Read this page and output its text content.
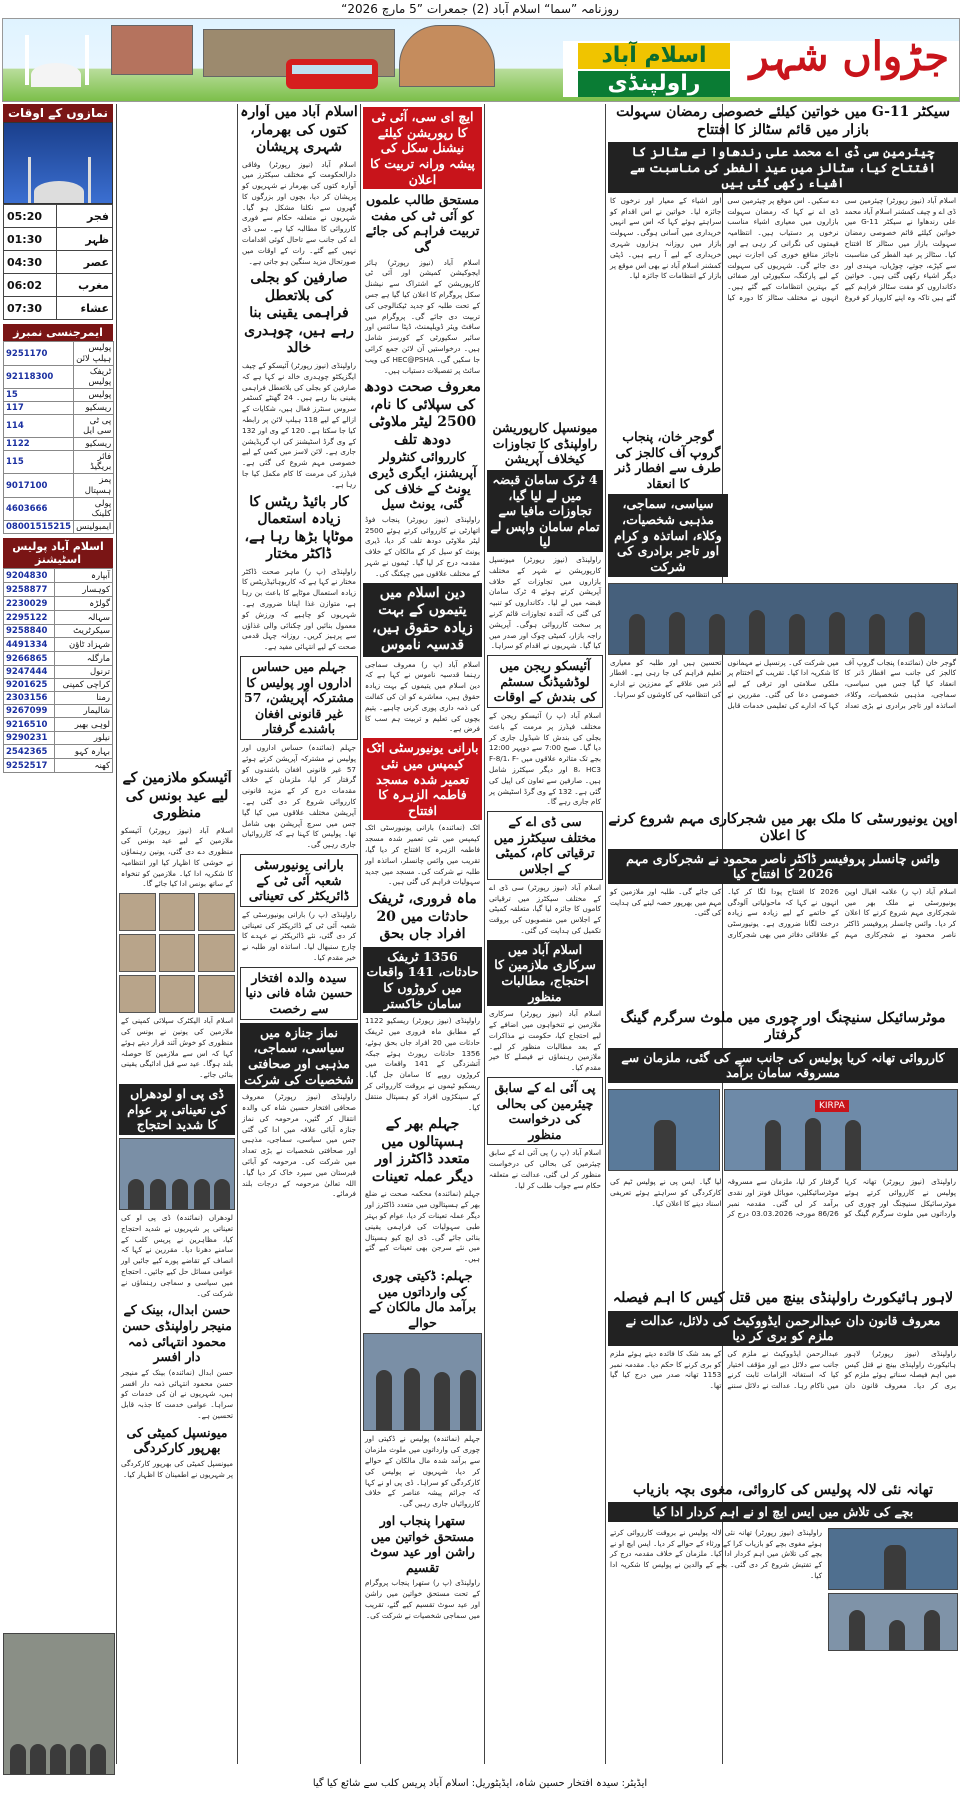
روزنامہ ”سما“ اسلام آباد (2) جمعرات ”5 مارچ 2026“
اسلام آباد
راولپنڈی
جڑواں شہر
نمازوں کے اوقات
05:20	فجر
01:30	ظہر
04:30	عصر
06:02	مغرب
07:30	عشاء
ایمرجنسی نمبرز
9251170	پولیس ہیلپ لائن
92118300	ٹریفک پولیس
15	پولیس
117	ریسکیو
114	پی ٹی سی ایل
1122	ریسکیو
115	فائر بریگیڈ
9017100	پمز ہسپتال
4603666	پولی کلینک
08001515215	ایمبولینس
اسلام آباد پولیس اسٹیشنز
9204830	آبپارہ
9258877	کوہسار
2230029	گولڑہ
2295122	سہالہ
9258840	سیکرٹریٹ
4491334	شہزاد ٹاؤن
9266865	مارگلہ
9247444	ترنول
9201625	کراچی کمپنی
2303156	رمنا
9267099	شالیمار
9216510	لوہی بھیر
9290231	نیلور
2542365	بہارہ کہو
9252517	کھنہ
آئیسکو ملازمین کے لیے عید بونس کی منظوری
اسلام آباد (نیوز رپورٹر) آئیسکو ملازمین کے لیے عید بونس کی منظوری دے دی گئی، یونین رہنماؤں نے خوشی کا اظہار کیا اور انتظامیہ کا شکریہ ادا کیا۔ ملازمین کو تنخواہ کے ساتھ بونس ادا کیا جائے گا۔
اسلام آباد الیکٹرک سپلائی کمپنی کے ملازمین کی یونین نے بونس کی منظوری کو خوش آئند قرار دیتے ہوئے کہا کہ اس سے ملازمین کا حوصلہ بلند ہوگا۔ عید سے قبل ادائیگی یقینی بنائی جائے۔
ڈی پی او لودھراں کی تعیناتی پر عوام کا شدید احتجاج
لودھراں (نمائندہ) ڈی پی او کی تعیناتی پر شہریوں نے شدید احتجاج کیا، مظاہرین نے پریس کلب کے سامنے دھرنا دیا۔ مقررین نے کہا کہ انصاف کے تقاضے پورے کیے جائیں اور عوامی مسائل حل کیے جائیں۔ احتجاج میں سیاسی و سماجی رہنماؤں نے شرکت کی۔
حسن ابدال، بینک کے منیجر راولپنڈی حسن محمود انتہائی ذمہ دار افسر
حسن ابدال (نمائندہ) بینک کے منیجر حسن محمود انتہائی ذمہ دار افسر ہیں، شہریوں نے ان کی خدمات کو سراہا۔ عوامی خدمت کا جذبہ قابل تحسین ہے۔
میونسپل کمیٹی کی بھرپور کارکردگی
میونسپل کمیٹی کی بھرپور کارکردگی پر شہریوں نے اطمینان کا اظہار کیا۔
اسلام آباد میں آوارہ کتوں کی بھرمار، شہری پریشان
اسلام آباد (نیوز رپورٹر) وفاقی دارالحکومت کے مختلف سیکٹرز میں آوارہ کتوں کی بھرمار نے شہریوں کو پریشان کر دیا، بچوں اور بزرگوں کا گھروں سے نکلنا مشکل ہو گیا۔ شہریوں نے متعلقہ حکام سے فوری کارروائی کا مطالبہ کیا ہے۔ سی ڈی اے کی جانب سے تاحال کوئی اقدامات نہیں کیے گئے۔ رات کے اوقات میں صورتحال مزید سنگین ہو جاتی ہے۔
صارفین کو بجلی کی بلاتعطل فراہمی یقینی بنا رہے ہیں، چوہدری خالد
راولپنڈی (نیوز رپورٹر) آئیسکو کے چیف ایگزیکٹو چوہدری خالد نے کہا ہے کہ صارفین کو بجلی کی بلاتعطل فراہمی یقینی بنا رہے ہیں۔ 24 گھنٹے کسٹمر سروس سنٹرز فعال ہیں، شکایات کے ازالے کے لیے 118 ہیلپ لائن پر رابطہ کیا جا سکتا ہے۔ 120 کے وی اور 132 کے وی گرڈ اسٹیشنز کی اپ گریڈیشن جاری ہے۔ لائن لاسز میں کمی کے لیے خصوصی مہم شروع کی گئی ہے۔ فیڈرز کی مرمت کا کام مکمل کیا جا رہا ہے۔
کار بائیڈ ریٹس کا زیادہ استعمال موٹاپا بڑھا رہا ہے، ڈاکٹر مختار
راولپنڈی (پ ر) ماہر صحت ڈاکٹر مختار نے کہا ہے کہ کاربوہائیڈریٹس کا زیادہ استعمال موٹاپے کا باعث بن رہا ہے، متوازن غذا اپنانا ضروری ہے۔ شہریوں کو چاہیے کہ ورزش کو معمول بنائیں اور چکنائی والی غذاؤں سے پرہیز کریں۔ روزانہ چہل قدمی صحت کے لیے انتہائی مفید ہے۔
جہلم میں حساس اداروں اور پولیس کا مشترکہ آپریشن، 57 غیر قانونی افغان باشندے گرفتار
جہلم (نمائندہ) حساس اداروں اور پولیس نے مشترکہ آپریشن کرتے ہوئے 57 غیر قانونی افغان باشندوں کو گرفتار کر لیا، ملزمان کے خلاف مقدمات درج کر کے مزید قانونی کارروائی شروع کر دی گئی ہے۔ آپریشن مختلف علاقوں میں کیا گیا جس میں سرچ آپریشن بھی شامل تھا۔ پولیس کا کہنا ہے کہ کارروائیاں جاری رہیں گی۔
بارانی یونیورسٹی شعبہ آئی ٹی کے ڈائریکٹر کی تعیناتی
راولپنڈی (پ ر) بارانی یونیورسٹی کے شعبہ آئی ٹی کے ڈائریکٹر کی تعیناتی کر دی گئی، نئے ڈائریکٹر نے عہدے کا چارج سنبھال لیا۔ اساتذہ اور طلبہ نے خیر مقدم کیا۔
سیدہ والدہ افتخار حسین شاہ فانی دنیا سے رخصت
نماز جنازہ میں سیاسی، سماجی، مذہبی اور صحافتی شخصیات کی شرکت
راولپنڈی (نیوز رپورٹر) معروف صحافی افتخار حسین شاہ کی والدہ انتقال کر گئیں، مرحومہ کی نماز جنازہ آبائی علاقہ میں ادا کی گئی جس میں سیاسی، سماجی، مذہبی اور صحافتی شخصیات نے بڑی تعداد میں شرکت کی۔ مرحومہ کو آبائی قبرستان میں سپرد خاک کر دیا گیا۔ اللہ تعالیٰ مرحومہ کے درجات بلند فرمائے۔
ایچ ای سی، آئی ٹی کا رپوریشن کیلئے نیشنل سکل کی پیشہ ورانہ تربیت کا اعلان
مستحق طالب علموں کو آئی ٹی کی مفت تربیت فراہم کی جائے گی
اسلام آباد (نیوز رپورٹر) ہائر ایجوکیشن کمیشن اور آئی ٹی کارپوریشن کے اشتراک سے نیشنل سکل پروگرام کا اعلان کیا گیا ہے جس کے تحت طلبہ کو جدید ٹیکنالوجی کی تربیت دی جائے گی۔ پروگرام میں سافٹ ویئر ڈویلپمنٹ، ڈیٹا سائنس اور سائبر سکیورٹی کے کورسز شامل ہیں۔ درخواستیں آن لائن جمع کرائی جا سکیں گی۔ HEC@PSHA کی ویب سائٹ پر تفصیلات دستیاب ہیں۔
معروف صحت دودھ کی سپلائی کا نام، 2500 لیٹر ملاوٹی دودھ تلف
کارروائی کنٹرولر آپریشنز، ایگری ڈیری یونٹ کے خلاف کی گئی، یونٹ سیل
راولپنڈی (نیوز رپورٹر) پنجاب فوڈ اتھارٹی نے کارروائی کرتے ہوئے 2500 لیٹر ملاوٹی دودھ تلف کر دیا، ڈیری یونٹ کو سیل کر کے مالکان کے خلاف مقدمہ درج کر لیا گیا۔ ٹیموں نے شہر کے مختلف علاقوں میں چیکنگ کی۔
دین اسلام میں یتیموں کے بہت زیادہ حقوق ہیں، قدسیہ ناموس
اسلام آباد (پ ر) معروف سماجی رہنما قدسیہ ناموس نے کہا ہے کہ دین اسلام میں یتیموں کے بہت زیادہ حقوق ہیں، معاشرے کو ان کی کفالت کی ذمہ داری پوری کرنی چاہیے۔ یتیم بچوں کی تعلیم و تربیت ہم سب کا فرض ہے۔
بارانی یونیورسٹی اٹک کیمپس میں نئی تعمیر شدہ مسجد فاطمہ الزہرہ کا افتتاح
اٹک (نمائندہ) بارانی یونیورسٹی اٹک کیمپس میں نئی تعمیر شدہ مسجد فاطمہ الزہرہ کا افتتاح کر دیا گیا، تقریب میں وائس چانسلر، اساتذہ اور طلبہ نے شرکت کی۔ مسجد میں جدید سہولیات فراہم کی گئی ہیں۔
ماہ فروری، ٹریفک حادثات میں 20 افراد جاں بحق
1356 ٹریفک حادثات، 141 واقعات میں کروڑوں کا سامان خاکستر
راولپنڈی (نیوز رپورٹر) ریسکیو 1122 کے مطابق ماہ فروری میں ٹریفک حادثات میں 20 افراد جاں بحق ہوئے، 1356 حادثات رپورٹ ہوئے جبکہ آتشزدگی کے 141 واقعات میں کروڑوں روپے کا سامان جل گیا۔ ریسکیو ٹیموں نے بروقت کارروائی کر کے سینکڑوں افراد کو ہسپتال منتقل کیا۔
جہلم بھر کے ہسپتالوں میں متعدد ڈاکٹرز اور دیگر عملہ تعینات
جہلم (نمائندہ) محکمہ صحت نے ضلع بھر کے ہسپتالوں میں متعدد ڈاکٹرز اور دیگر عملہ تعینات کر دیا، عوام کو بہتر طبی سہولیات کی فراہمی یقینی بنائی جائے گی۔ ڈی ایچ کیو ہسپتال میں نئے سرجن بھی تعینات کیے گئے ہیں۔
جہلم: ڈکیتی چوری کی وارداتوں میں برآمد مال مالکان کے حوالے
جہلم (نمائندہ) پولیس نے ڈکیتی اور چوری کی وارداتوں میں ملوث ملزمان سے برآمد شدہ مال مالکان کے حوالے کر دیا، شہریوں نے پولیس کی کارکردگی کو سراہا۔ ڈی پی او نے کہا کہ جرائم پیشہ عناصر کے خلاف کارروائیاں جاری رہیں گی۔
ستھرا پنجاب اور مستحق خواتین میں راشن اور عید سوٹ تقسیم
راولپنڈی (پ ر) ستھرا پنجاب پروگرام کے تحت مستحق خواتین میں راشن اور عید سوٹ تقسیم کیے گئے، تقریب میں سماجی شخصیات نے شرکت کی۔
میونسپل کارپوریشن راولپنڈی کا تجاوزات کیخلاف آپریشن
4 ٹرک سامان قبضہ میں لے لیا گیا، تجاوزات مافیا سے تمام سامان واپس لے لیا
راولپنڈی (نیوز رپورٹر) میونسپل کارپوریشن نے شہر کے مختلف بازاروں میں تجاوزات کے خلاف آپریشن کرتے ہوئے 4 ٹرک سامان قبضہ میں لے لیا۔ دکانداروں کو تنبیہ کی گئی کہ آئندہ تجاوزات قائم کرنے پر سخت کارروائی ہوگی۔ آپریشن راجہ بازار، کمیٹی چوک اور صدر میں کیا گیا۔ شہریوں نے اقدام کو سراہا۔
آئیسکو ریجن میں لوڈشیڈنگ سسٹم کی بندش کے اوقات
اسلام آباد (پ ر) آئیسکو ریجن کے مختلف فیڈرز پر مرمت کے باعث بجلی کی بندش کا شیڈول جاری کر دیا گیا۔ صبح 7:00 سے دوپہر 12:00 بجے تک متاثرہ علاقوں میں F-8/1، F-8، HC3 اور دیگر سیکٹرز شامل ہیں۔ صارفین سے تعاون کی اپیل کی گئی ہے۔ 132 کے وی گرڈ اسٹیشن پر کام جاری رہے گا۔
سی ڈی اے کے مختلف سیکٹرز میں ترقیاتی کام، کمیٹی کے اجلاس
اسلام آباد (نیوز رپورٹر) سی ڈی اے کے مختلف سیکٹرز میں ترقیاتی کاموں کا جائزہ لیا گیا، متعلقہ کمیٹی کے اجلاس میں منصوبوں کی بروقت تکمیل کی ہدایت کی گئی۔
اسلام آباد میں سرکاری ملازمین کا احتجاج، مطالبات منظور
اسلام آباد (نیوز رپورٹر) سرکاری ملازمین نے تنخواہوں میں اضافے کے لیے احتجاج کیا، حکومت نے مذاکرات کے بعد مطالبات منظور کر لیے۔ ملازمین رہنماؤں نے فیصلے کا خیر مقدم کیا۔
پی آئی اے کے سابق چیئرمین کی بحالی کی درخواست منظور
اسلام آباد (پ ر) پی آئی اے کے سابق چیئرمین کی بحالی کی درخواست منظور کر لی گئی، عدالت نے متعلقہ حکام سے جواب طلب کر لیا۔
سیکٹر G-11 میں خواتین کیلئے خصوصی رمضان سہولت بازار میں قائم سٹالز کا افتتاح
چیئرمین سی ڈی اے محمد علی رندھاوا نے سٹالز کا افتتاح کیا، سٹالز میں عید الفطر کی مناسبت سے اشیاء رکھی گئی ہیں
اسلام آباد (نیوز رپورٹر) چیئرمین سی ڈی اے و چیف کمشنر اسلام آباد محمد علی رندھاوا نے سیکٹر G-11 میں خواتین کیلئے قائم خصوصی رمضان سہولت بازار میں سٹالز کا افتتاح کیا۔ سٹالز پر عید الفطر کی مناسبت سے کپڑے، جوتے، چوڑیاں، مہندی اور دیگر اشیاء رکھی گئی ہیں۔ خواتین دکانداروں کو مفت سٹالز فراہم کیے گئے ہیں تاکہ وہ اپنے کاروبار کو فروغ دے سکیں۔ اس موقع پر چیئرمین سی ڈی اے نے کہا کہ رمضان سہولت بازاروں میں معیاری اشیاء مناسب نرخوں پر دستیاب ہیں۔ انتظامیہ قیمتوں کی نگرانی کر رہی ہے اور ناجائز منافع خوری کی اجازت نہیں دی جائے گی۔ شہریوں کی سہولت کے لیے پارکنگ، سکیورٹی اور صفائی کے بہترین انتظامات کیے گئے ہیں۔ انہوں نے مختلف سٹالز کا دورہ کیا اور اشیاء کے معیار اور نرخوں کا جائزہ لیا۔ خواتین نے اس اقدام کو سراہتے ہوئے کہا کہ اس سے انہیں خریداری میں آسانی ہوگی۔ سہولت بازار میں روزانہ ہزاروں شہری خریداری کے لیے آ رہے ہیں۔ ڈپٹی کمشنر اسلام آباد نے بھی اس موقع پر بازار کے انتظامات کا جائزہ لیا۔
گوجر خان، پنجاب گروپ آف کالجز کی طرف سے افطار ڈنر کا انعقاد
سیاسی، سماجی، مذہبی شخصیات، وکلاء، اساتذہ و کرام اور تاجر برادری کی شرکت
گوجر خان (نمائندہ) پنجاب گروپ آف کالجز کی جانب سے افطار ڈنر کا انعقاد کیا گیا جس میں سیاسی، سماجی، مذہبی شخصیات، وکلاء، اساتذہ اور تاجر برادری نے بڑی تعداد میں شرکت کی۔ پرنسپل نے مہمانوں کا شکریہ ادا کیا۔ تقریب کے اختتام پر ملکی سلامتی اور ترقی کے لیے خصوصی دعا کی گئی۔ مقررین نے کہا کہ ادارے کی تعلیمی خدمات قابل تحسین ہیں اور طلبہ کو معیاری تعلیم فراہم کی جا رہی ہے۔ افطار ڈنر میں علاقے کے معززین نے ادارے کی انتظامیہ کی کاوشوں کو سراہا۔
اوپن یونیورسٹی کا ملک بھر میں شجرکاری مہم شروع کرنے کا اعلان
وائس چانسلر پروفیسر ڈاکٹر ناصر محمود نے شجرکاری مہم 2026 کا افتتاح کیا
اسلام آباد (پ ر) علامہ اقبال اوپن یونیورسٹی نے ملک بھر میں شجرکاری مہم شروع کرنے کا اعلان کر دیا۔ وائس چانسلر پروفیسر ڈاکٹر ناصر محمود نے شجرکاری مہم 2026 کا افتتاح پودا لگا کر کیا۔ انہوں نے کہا کہ ماحولیاتی آلودگی کے خاتمے کے لیے زیادہ سے زیادہ درخت لگانا ضروری ہے۔ یونیورسٹی کے علاقائی دفاتر میں بھی شجرکاری کی جائے گی۔ طلبہ اور ملازمین کو مہم میں بھرپور حصہ لینے کی ہدایت کی گئی۔
موٹرسائیکل سنیچنگ اور چوری میں ملوث سرگرم گینگ گرفتار
کارروائی تھانہ کریا پولیس کی جانب سے کی گئی، ملزمان سے مسروقہ سامان برآمد
KIRPA
راولپنڈی (نیوز رپورٹر) تھانہ کریا پولیس نے کارروائی کرتے ہوئے موٹرسائیکل سنیچنگ اور چوری کی وارداتوں میں ملوث سرگرم گینگ کو گرفتار کر لیا، ملزمان سے مسروقہ موٹرسائیکلیں، موبائل فونز اور نقدی برآمد کر لی گئی۔ مقدمہ نمبر 86/26 مورخہ 03.03.2026 درج کر لیا گیا۔ ایس پی نے پولیس ٹیم کی کارکردگی کو سراہتے ہوئے تعریفی اسناد دینے کا اعلان کیا۔
لاہور ہائیکورٹ راولپنڈی بینچ میں قتل کیس کا اہم فیصلہ
معروف قانون دان عبدالرحمن ایڈووکیٹ کی دلائل، عدالت نے ملزم کو بری کر دیا
راولپنڈی (نیوز رپورٹر) لاہور ہائیکورٹ راولپنڈی بینچ نے قتل کیس میں اہم فیصلہ سناتے ہوئے ملزم کو بری کر دیا۔ معروف قانون دان عبدالرحمن ایڈووکیٹ نے ملزم کی جانب سے دلائل دیے اور مؤقف اختیار کیا کہ استغاثہ الزامات ثابت کرنے میں ناکام رہا۔ عدالت نے دلائل سننے کے بعد شک کا فائدہ دیتے ہوئے ملزم کو بری کرنے کا حکم دیا۔ مقدمہ نمبر 1153 تھانہ صدر میں درج کیا گیا تھا۔
تھانہ نئی لالہ پولیس کی کاروائی، مغوی بچہ بازیاب
بچے کی تلاش میں ایس ایچ او نے اہم کردار ادا کیا
راولپنڈی (نیوز رپورٹر) تھانہ نئی لالہ پولیس نے بروقت کارروائی کرتے ہوئے مغوی بچے کو بازیاب کرا کے ورثاء کے حوالے کر دیا۔ ایس ایچ او نے بچے کی تلاش میں اہم کردار ادا کیا۔ ملزمان کے خلاف مقدمہ درج کر کے تفتیش شروع کر دی گئی۔ بچے کے والدین نے پولیس کا شکریہ ادا کیا۔
ایڈیٹر: سیدہ افتخار حسین شاہ، ایڈیٹوریل: اسلام آباد پریس کلب سے شائع کیا گیا
